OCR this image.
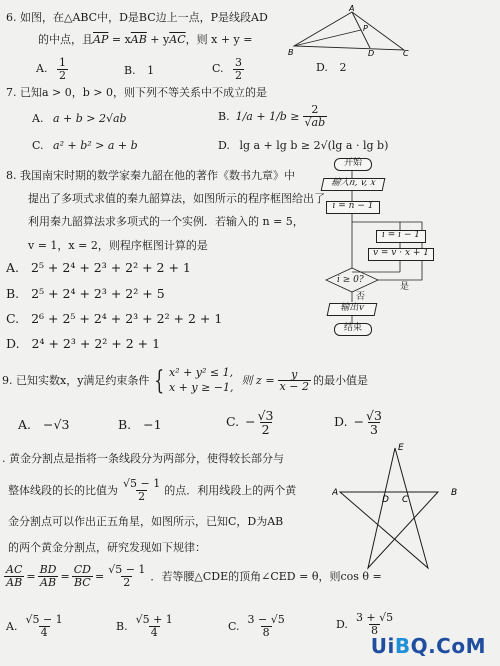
6. 如图，在△ABC中，D是BC边上一点，P是线段AD
的中点，且$\overline{AP} = x\overline{AB} + y\overline{AC}$，则 x + y =
A. $\frac{1}{2}$	B. 1	C. $\frac{3}{2}$	D. 2
A
P
B	D	C
7. 已知a > 0，b > 0，则下列不等关系中不成立的是
A. a + b > 2√ab	B. $1/a + 1/b \ge \frac{2}{√ab}$
C. a² + b² > a + b	D. lg a + lg b ≥ 2√(lg a · lg b)
8. 我国南宋时期的数学家秦九韶在他的著作《数书九章》中
提出了多项式求值的秦九韶算法，如图所示的程序框图给出了
利用秦九韶算法求多项式的一个实例．若输入的 n = 5，
v = 1，x = 2，则程序框图计算的是
A. 2⁵ + 2⁴ + 2³ + 2² + 2 + 1
B. 2⁵ + 2⁴ + 2³ + 2² + 5
C. 2⁶ + 2⁵ + 2⁴ + 2³ + 2² + 2 + 1
D. 2⁴ + 2³ + 2² + 2 + 1
开始
输入n, v, x
i = n − 1
i = i − 1
v = v · x + 1
i ≥ 0?
是
否
输出v
结束
9. 已知实数x，y满足约束条件 { x² + y² ≤ 1,
x + y ≥ −1, 则 $z = \frac{y}{x - 2}$ 的最小值是
A. −√3	B. −1	C. − $\frac{√3}{2}$	D. − $\frac{√3}{3}$
. 黄金分割点是指将一条线段分为两部分，使得较长部分与
整体线段的长的比值为 $\frac{√5 - 1}{2}$ 的点．利用线段上的两个黄
金分割点可以作出正五角星，如图所示，已知C，D为AB
的两个黄金分割点，研究发现如下规律：
$\frac{AC}{AB} = \frac{BD}{AB} = \frac{CD}{BC} = \frac{√5 - 1}{2}$ ．若等腰△CDE的顶角∠CED = θ，则cos θ =
A. $\frac{√5 - 1}{4}$	B. $\frac{√5 + 1}{4}$	C. $\frac{3 - √5}{8}$	D. $\frac{3 + √5}{8}$
E
A	B
D C
UiBQ.CoM
